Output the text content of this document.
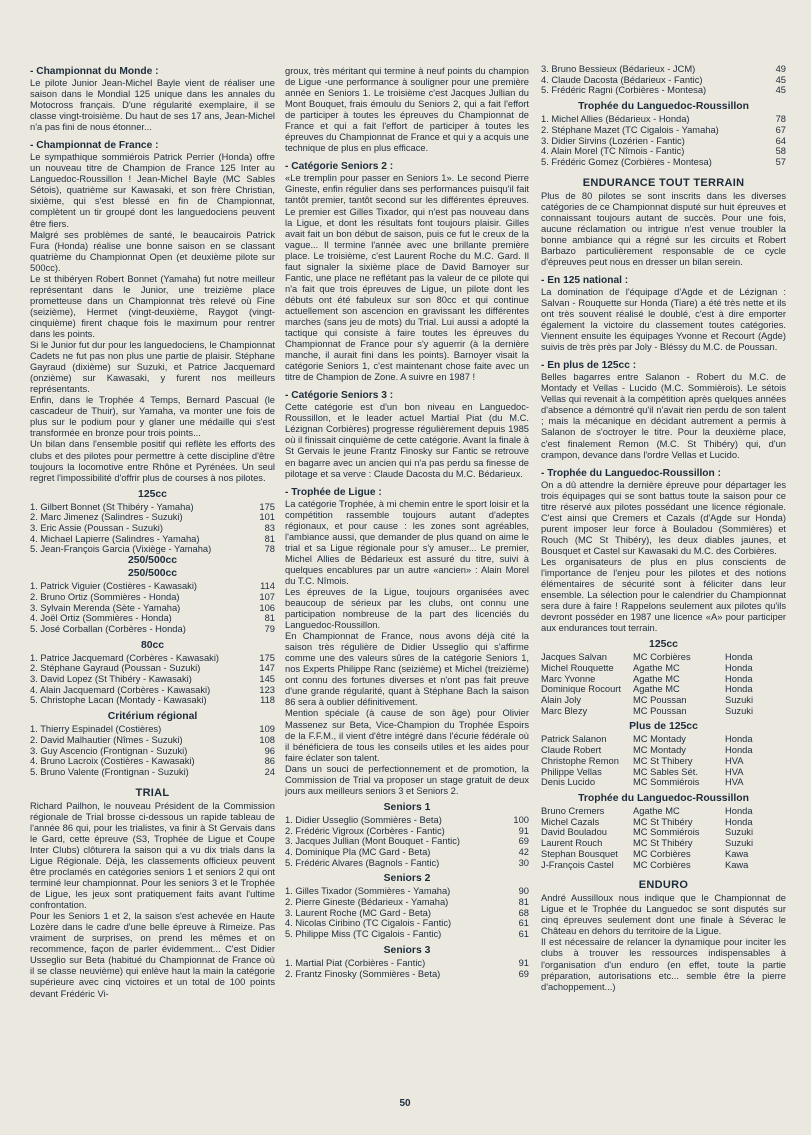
- Championnat du Monde :

Le pilote Junior Jean-Michel Bayle vient de réaliser une saison dans le Mondial 125 unique dans les annales du Motocross français. D'une régularité exemplaire, il se classe vingt-troisième. Du haut de ses 17 ans, Jean-Michel n'a pas fini de nous étonner...

- Championnat de France :

Le sympathique sommiérois Patrick Perrier (Honda) offre un nouveau titre de Champion de France 125 Inter au Languedoc-Roussillon ! Jean-Michel Bayle (MC Sables Sétois), quatrième sur Kawasaki, et son frère Christian, sixième, qui s'est blessé en fin de Championnat, complètent un tir groupé dont les languedociens peuvent être fiers.

Malgré ses problèmes de santé, le beaucairois Patrick Fura (Honda) réalise une bonne saison en se classant quatrième du Championnat Open (et deuxième pilote sur 500cc).

Le st thibéryen Robert Bonnet (Yamaha) fut notre meilleur représentant dans le Junior, une treizième place prometteuse dans un Championnat très relevé où Fine (seizième), Hermet (vingt-deuxième, Raygot (vingt-cinquième) firent chaque fois le maximum pour rentrer dans les points.

Si le Junior fut dur pour les languedociens, le Championnat Cadets ne fut pas non plus une partie de plaisir. Stéphane Gayraud (dixième) sur Suzuki, et Patrice Jacquemard (onzième) sur Kawasaki, y furent nos meilleurs représentants.

Enfin, dans le Trophée 4 Temps, Bernard Pascual (le cascadeur de Thuir), sur Yamaha, va monter une fois de plus sur le podium pour y glaner une médaille qui s'est transformée en bronze pour trois points...

Un bilan dans l'ensemble positif qui reflète les efforts des clubs et des pilotes pour permettre à cette discipline d'être toujours la locomotive entre Rhône et Pyrénées. Un seul regret l'impossibilité d'offrir plus de courses à nos pilotes.

125cc
1. Gilbert Bonnet (St Thibéry - Yamaha)	175
2. Marc Jimenez (Salindres - Suzuki)	101
3. Eric Assie (Poussan - Suzuki)	83
4. Michael Lapierre (Salindres - Yamaha)	81
5. Jean-François Garcia (Vixiège - Yamaha)	78
250/500cc
250/500cc
1. Patrick Viguier (Costières - Kawasaki)	114
2. Bruno Ortiz (Sommières - Honda)	107
3. Sylvain Merenda (Sète - Yamaha)	106
4. Joël Ortiz (Sommières - Honda)	81
5. José Corballan (Corbères - Honda)	79
80cc
1. Patrice Jacquemard (Corbères - Kawasaki)	175
2. Stéphane Gayraud (Poussan - Suzuki)	147
3. David Lopez (St Thibéry - Kawasaki)	145
4. Alain Jacquemard (Corbères - Kawasaki)	123
5. Christophe Lacan (Montady - Kawasaki)	118
Critérium régional
1. Thierry Espinadel (Costières)	109
2. David Malhautier (Nîmes - Suzuki)	108
3. Guy Ascencio (Frontignan - Suzuki)	96
4. Bruno Lacroix (Costières - Kawasaki)	86
5. Bruno Valente (Frontignan - Suzuki)	24
TRIAL

Richard Pailhon, le nouveau Président de la Commission régionale de Trial brosse ci-dessous un rapide tableau de l'année 86 qui, pour les trialistes, va finir à St Gervais dans le Gard, cette épreuve (S3, Trophée de Ligue et Coupe Inter Clubs) clôturera la saison qui a vu dix trials dans la Ligue Régionale. Déjà, les classements officieux peuvent être proclamés en catégories seniors 1 et seniors 2 qui ont terminé leur championnat. Pour les seniors 3 et le Trophée de Ligue, les jeux sont pratiquement faits avant l'ultime confrontation.

Pour les Seniors 1 et 2, la saison s'est achevée en Haute Lozère dans le cadre d'une belle épreuve à Rimeize. Pas vraiment de surprises, on prend les mêmes et on recommence, façon de parler évidemment... C'est Didier Usseglio sur Beta (habitué du Championnat de France où il se classe neuvième) qui enlève haut la main la catégorie supérieure avec cinq victoires et un total de 100 points devant Frédéric Vi-

groux, très méritant qui termine à neuf points du champion de Ligue -une performance à souligner pour une première année en Seniors 1. Le troisième c'est Jacques Jullian du Mont Bouquet, frais émoulu du Seniors 2, qui a fait l'effort de participer à toutes les épreuves du Championnat de France et qui a fait l'effort de participer à toutes les épreuves du Championnat de France et qui y a acquis une technique de plus en plus efficace.

- Catégorie Seniors 2 :

«Le tremplin pour passer en Seniors 1». Le second Pierre Gineste, enfin régulier dans ses performances puisqu'il fait tantôt premier, tantôt second sur les différentes épreuves. Le premier est Gilles Tixador, qui n'est pas nouveau dans la Ligue, et dont les résultats font toujours plaisir. Gilles avait fait un bon début de saison, puis ce fut le creux de la vague... Il termine l'année avec une brillante première place. Le troisième, c'est Laurent Roche du M.C. Gard. Il faut signaler la sixième place de David Barnoyer sur Fantic, une place ne reflétant pas la valeur de ce pilote qui n'a fait que trois épreuves de Ligue, un pilote dont les débuts ont été fabuleux sur son 80cc et qui continue actuellement son ascencion en gravissant les différentes marches (sans jeu de mots) du Trial. Lui aussi a adopté la tactique qui consiste à faire toutes les épreuves du Championnat de France pour s'y aguerrir (à la dernière manche, il aurait fini dans les points). Barnoyer visait la catégorie Seniors 1, c'est maintenant chose faite avec un titre de Champion de Zone. A suivre en 1987 !

- Catégorie Seniors 3 :

Cette catégorie est d'un bon niveau en Languedoc-Roussillon, et le leader actuel Martial Piat (du M.C. Lézignan Corbières) progresse régulièrement depuis 1985 où il finissait cinquième de cette catégorie. Avant la finale à St Gervais le jeune Frantz Finosky sur Fantic se retrouve en bagarre avec un ancien qui n'a pas perdu sa finesse de pilotage et sa verve : Claude Dacosta du M.C. Bédarieux.

- Trophée de Ligue :

La catégorie Trophée, à mi chemin entre le sport loisir et la compétition rassemble toujours autant d'adeptes régionaux, et pour cause : les zones sont agréables, l'ambiance aussi, que demander de plus quand on aime le trial et sa Ligue régionale pour s'y amuser... Le premier, Michel Allies de Bédarieux est assuré du titre, suivi à quelques encablures par un autre «ancien» : Alain Morel du T.C. Nîmois.

Les épreuves de la Ligue, toujours organisées avec beaucoup de sérieux par les clubs, ont connu une participation nombreuse de la part des licenciés du Languedoc-Roussillon.

En Championnat de France, nous avons déjà cité la saison très régulière de Didier Usseglio qui s'affirme comme une des valeurs sûres de la catégorie Seniors 1, nos Experts Philippe Ranc (seizième) et Michel (treizième) ont connu des fortunes diverses et n'ont pas fait preuve d'une grande régularité, quant à Stéphane Bach la saison 86 sera à oublier définitivement.

Mention spéciale (à cause de son âge) pour Olivier Massenez sur Beta, Vice-Champion du Trophée Espoirs de la F.F.M., il vient d'être intégré dans l'écurie fédérale où il bénéficiera de tous les conseils utiles et les aides pour faire éclater son talent.

Dans un souci de perfectionnement et de promotion, la Commission de Trial va proposer un stage gratuit de deux jours aux meilleurs seniors 3 et Seniors 2.

Seniors 1
1. Didier Usseglio (Sommières - Beta)	100
2. Frédéric Vigroux (Corbères - Fantic)	91
3. Jacques Jullian (Mont Bouquet - Fantic)	69
4. Dominique Pla (MC Gard - Beta)	42
5. Frédéric Alvares (Bagnols - Fantic)	30
Seniors 2
1. Gilles Tixador (Sommières - Yamaha)	90
2. Pierre Gineste (Bédarieux - Yamaha)	81
3. Laurent Roche (MC Gard - Beta)	68
4. Nicolas Ciribino (TC Cigalois - Fantic)	61
5. Philippe Miss (TC Cigalois - Fantic)	61
Seniors 3
1. Martial Piat (Corbières - Fantic)	91
2. Frantz Finosky (Sommières - Beta)	69
3. Bruno Bessieux (Bédarieux - JCM)	49
4. Claude Dacosta (Bédarieux - Fantic)	45
5. Frédéric Ragni (Corbières - Montesa)	45
Trophée du Languedoc-Roussillon
1. Michel Allies (Bédarieux - Honda)	78
2. Stéphane Mazet (TC Cigalois - Yamaha)	67
3. Didier Sirvins (Lozérien - Fantic)	64
4. Alain Morel (TC Nîmois - Fantic)	58
5. Frédéric Gomez (Corbières - Montesa)	57
ENDURANCE TOUT TERRAIN

Plus de 80 pilotes se sont inscrits dans les diverses catégories de ce Championnat disputé sur huit épreuves et connaissant toujours autant de succès. Pour une fois, aucune réclamation ou intrigue n'est venue troubler la bonne ambiance qui a régné sur les circuits et Robert Barbazo particulièrement responsable de ce cycle d'épreuves peut nous en dresser un bilan serein.

- En 125 national :

La domination de l'équipage d'Agde et de Lézignan : Salvan - Rouquette sur Honda (Tiare) a été très nette et ils ont très souvent réalisé le doublé, c'est à dire emporter également la victoire du classement toutes catégories. Viennent ensuite les équipages Yvonne et Recourt (Agde) suivis de très près par Joly - Bléssy du M.C. de Poussan.

- En plus de 125cc :

Belles bagarres entre Salanon - Robert du M.C. de Montady et Vellas - Lucido (M.C. Sommièrois). Le sétois Vellas qui revenait à la compétition après quelques années d'absence a démontré qu'il n'avait rien perdu de son talent ; mais la mécanique en décidant autrement a permis à Salanon de s'octroyer le titre. Pour la deuxième place, c'est finalement Remon (M.C. St Thibéry) qui, d'un crampon, devance dans l'ordre Vellas et Lucido.

- Trophée du Languedoc-Roussillon :

On a dû attendre la dernière épreuve pour départager les trois équipages qui se sont battus toute la saison pour ce titre réservé aux pilotes possédant une licence régionale. C'est ainsi que Cremers et Cazals (d'Agde sur Honda) purent imposer leur force à Bouladou (Sommières) et Rouch (MC St Thibéry), les deux diables jaunes, et Bousquet et Castel sur Kawasaki du M.C. des Corbières.

Les organisateurs de plus en plus conscients de l'importance de l'enjeu pour les pilotes et des notions élémentaires de sécurité sont à féliciter dans leur ensemble. La sélection pour le calendrier du Championnat sera dure à faire ! Rappelons seulement aux pilotes qu'ils devront posséder en 1987 une licence «A» pour participer aux endurances tout terrain.

125cc
Jacques Salvan	MC Corbières	Honda
Michel Rouquette	Agathe MC	Honda
Marc Yvonne	Agathe MC	Honda
Dominique Rocourt	Agathe MC	Honda
Alain Joly	MC Poussan	Suzuki
Marc Blezy	MC Poussan	Suzuki
Plus de 125cc
Patrick Salanon	MC Montady	Honda
Claude Robert	MC Montady	Honda
Christophe Remon	MC St Thibery	HVA
Philippe Vellas	MC Sables Sét.	HVA
Denis Lucido	MC Sommiérois	HVA
Trophée du Languedoc-Roussillon
Bruno Cremers	Agathe MC	Honda
Michel Cazals	MC St Thibéry	Honda
David Bouladou	MC Sommiérois	Suzuki
Laurent Rouch	MC St Thibéry	Suzuki
Stephan Bousquet	MC Corbières	Kawa
J-François Castel	MC Corbières	Kawa
ENDURO

André Aussilloux nous indique que le Championnat de Ligue et le Trophée du Languedoc se sont disputés sur cinq épreuves seulement dont une finale à Séverac le Château en dehors du territoire de la Ligue.

Il est nécessaire de relancer la dynamique pour inciter les clubs à trouver les ressources indispensables à l'organisation d'un enduro (en effet, toute la partie préparation, autorisations etc... semble être la pierre d'achoppement...)

50
